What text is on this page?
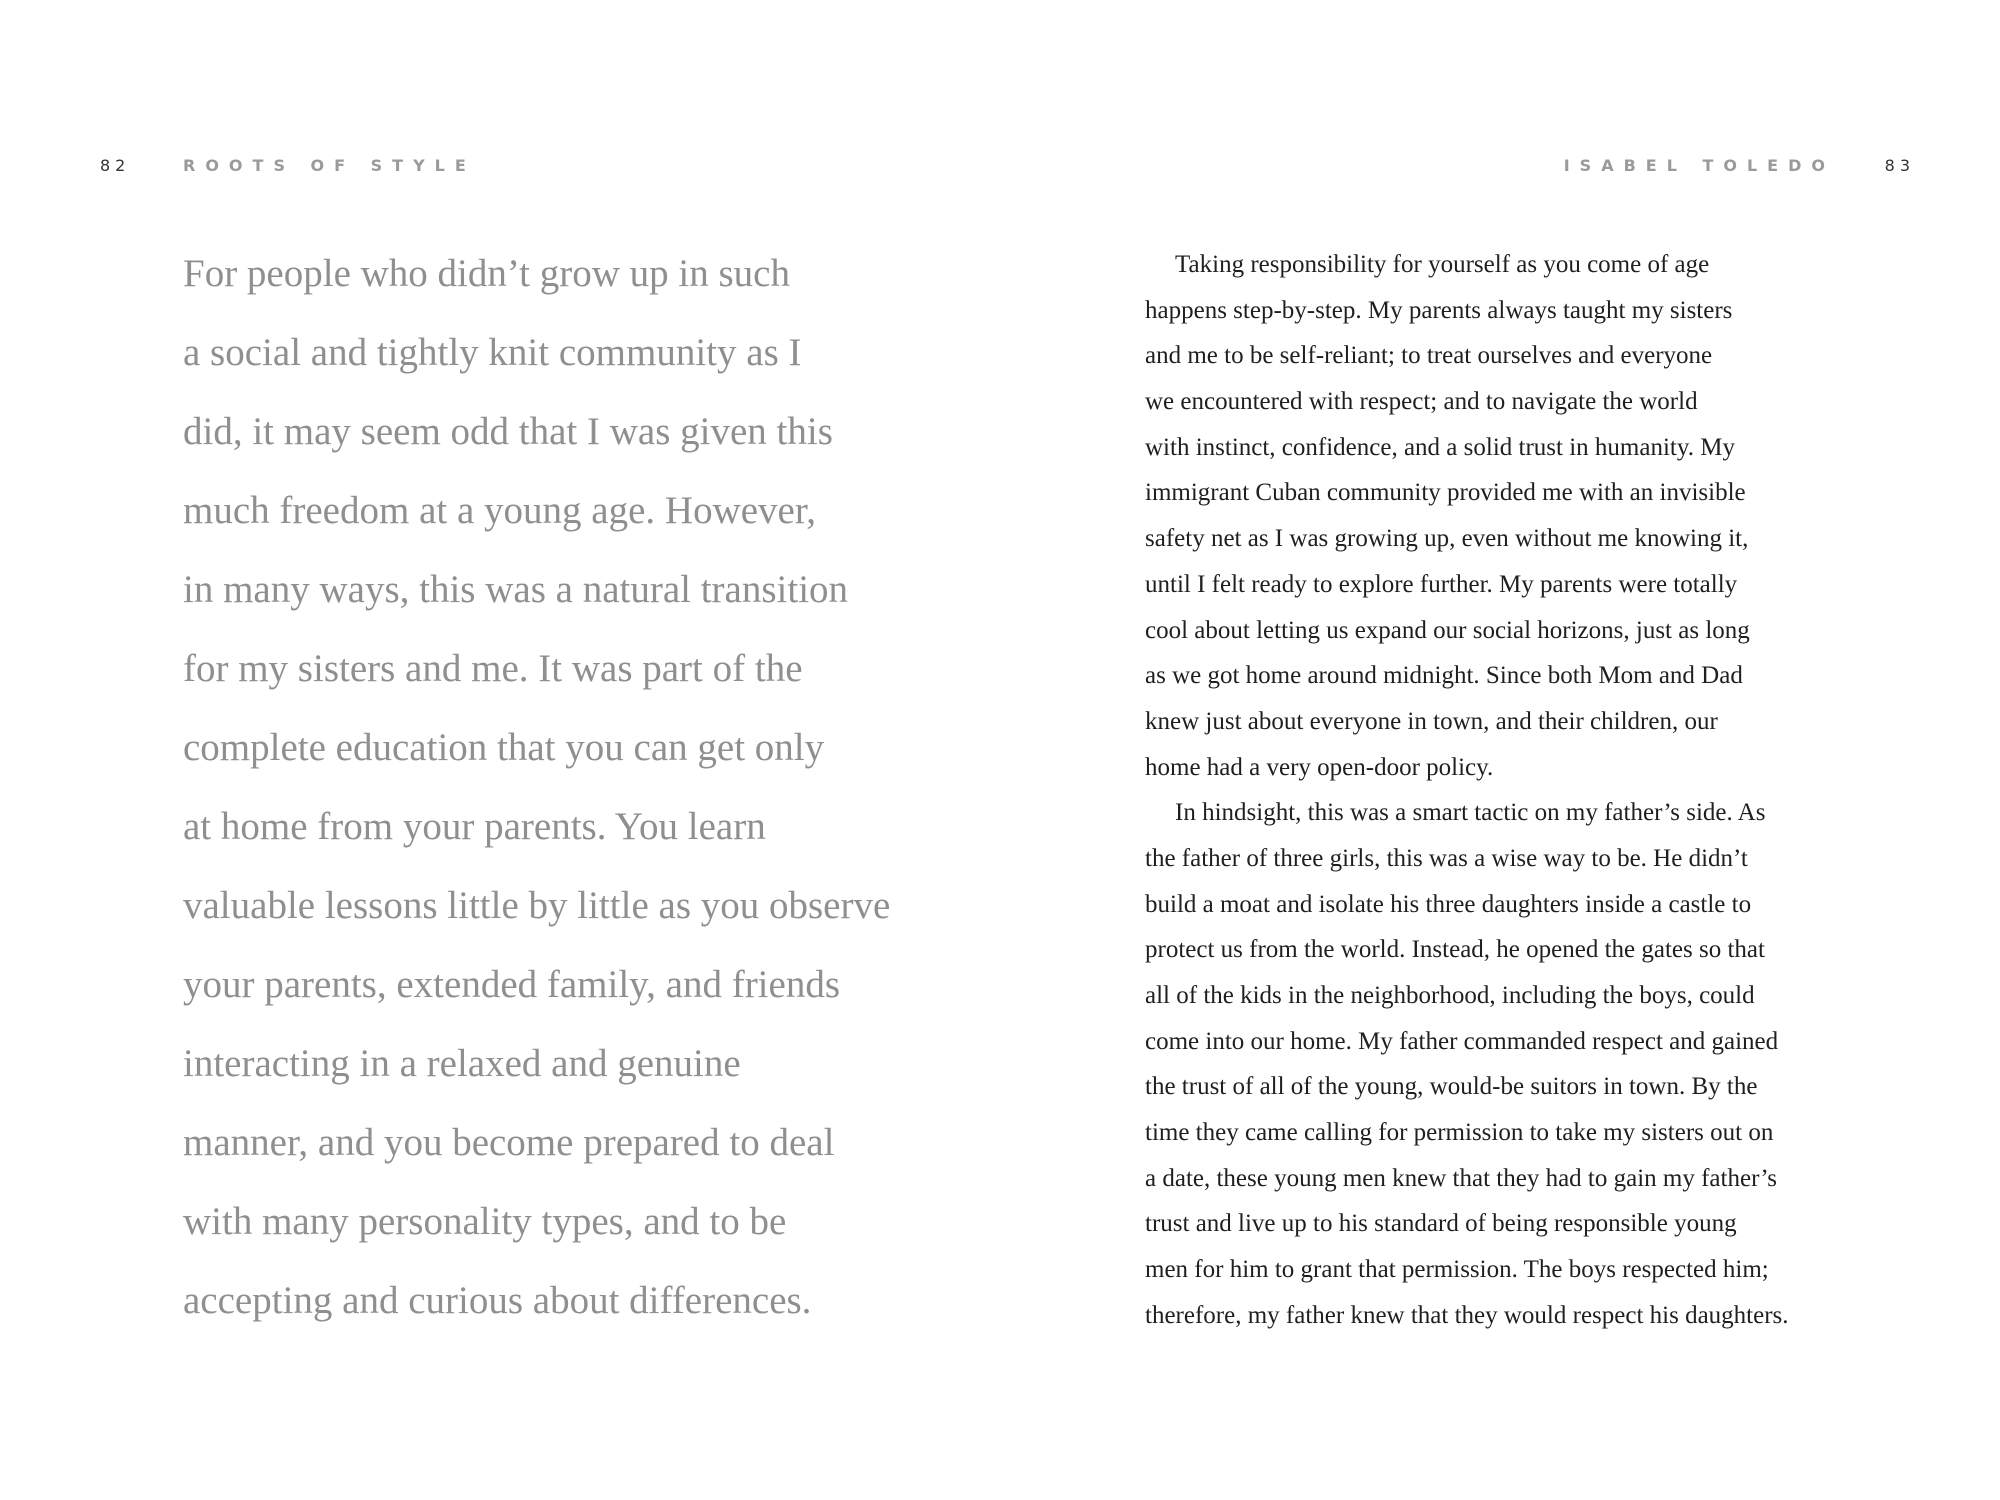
82	ROOTS OF STYLE
For people who didn’t grow up in such
a social and tightly knit community as I
did, it may seem odd that I was given this
much freedom at a young age. However,
in many ways, this was a natural transition
for my sisters and me. It was part of the
complete education that you can get only
at home from your parents. You learn
valuable lessons little by little as you observe
your parents, extended family, and friends
interacting in a relaxed and genuine
manner, and you become prepared to deal
with many personality types, and to be
accepting and curious about differences.
ISABEL TOLEDO	83
Taking responsibility for yourself as you come of age
happens step-by-step. My parents always taught my sisters
and me to be self-reliant; to treat ourselves and everyone
we encountered with respect; and to navigate the world
with instinct, confidence, and a solid trust in humanity. My
immigrant Cuban community provided me with an invisible
safety net as I was growing up, even without me knowing it,
until I felt ready to explore further. My parents were totally
cool about letting us expand our social horizons, just as long
as we got home around midnight. Since both Mom and Dad
knew just about everyone in town, and their children, our
home had a very open-door policy.
In hindsight, this was a smart tactic on my father’s side. As
the father of three girls, this was a wise way to be. He didn’t
build a moat and isolate his three daughters inside a castle to
protect us from the world. Instead, he opened the gates so that
all of the kids in the neighborhood, including the boys, could
come into our home. My father commanded respect and gained
the trust of all of the young, would-be suitors in town. By the
time they came calling for permission to take my sisters out on
a date, these young men knew that they had to gain my father’s
trust and live up to his standard of being responsible young
men for him to grant that permission. The boys respected him;
therefore, my father knew that they would respect his daughters.
